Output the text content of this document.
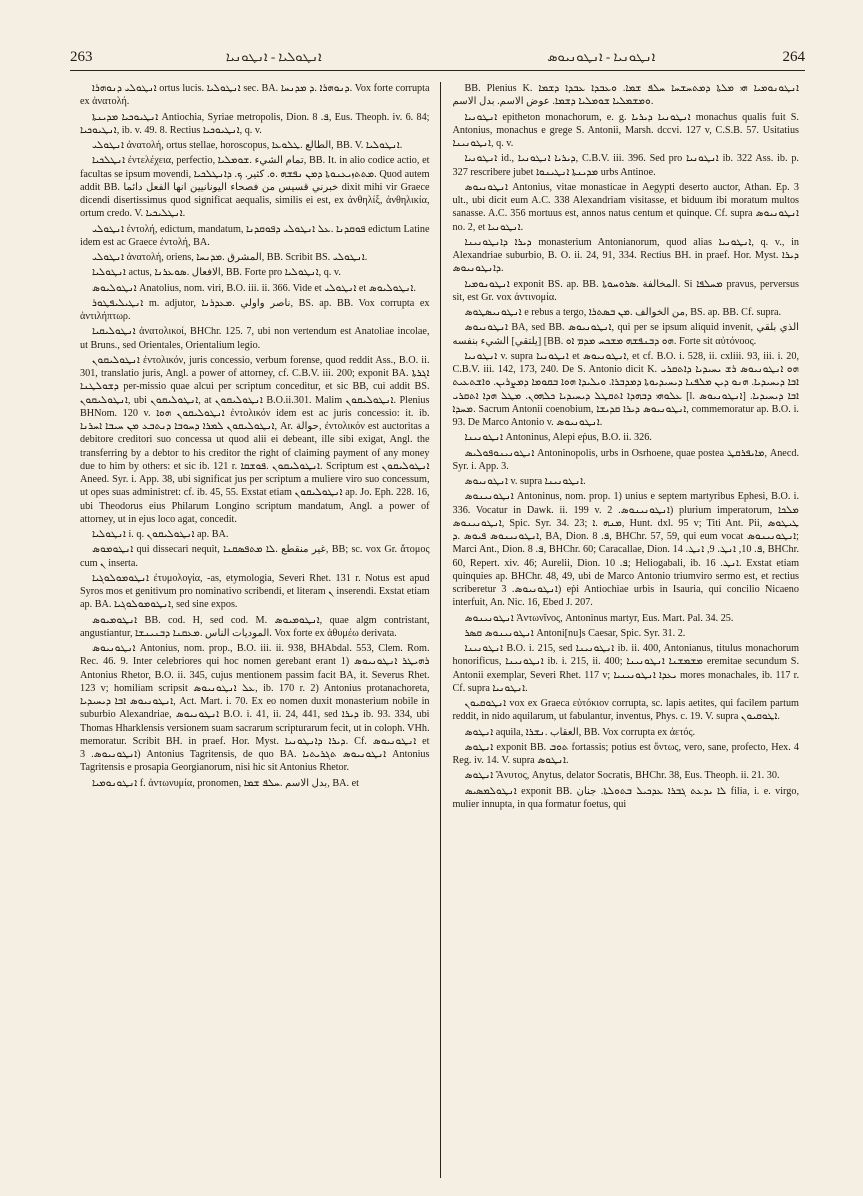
263	ܐܢܛܘܠܝܐ - ܐܢܛܘܢܝܐ	ܐܢܛܘܢܝܐ - ܐܢܛܘܢܝܘܣ	264

ܐܢܛܘܠܝ ܕܢܘܗܪܐ ortus lucis. ܐܢܛܘܠܝܐ sec. BA. ܕܢܘܗܪܐ .ܕ ܡܕܢܚܐ. Vox forte corrupta ex ἀνατολή.

ܐܢܛܝܘܟܝܐ ܡܕܝܢܬܐ Antiochia, Syriae metropolis, Dion. ܦ. 8, Eus. Theoph. iv. 6. 84; ܐܢܛܝܘܟܝܐ, ib. v. 49. 8. Rectius ܐܢܛܝܘܟܝܐ, q. v.

ܐܢܛܘܠܝ ἀνατολή, ortus stellae, horoscopus, الطالع .ܛܠܘܥܐ, BB. V. ܐܢܛܘܠܝܐ.

ܐܢܛܠܟܝܐ ἐντελέχεια, perfectio, تمام الشيء .ܫܘܡܠܝܐ, BB. It. in alio codice actio, et facultas se ipsum movendi, ܡܬܬܙܝܥܢܘܬܐ ܕܡܢ ܢܦܫܗ .ܘ. كثير. ܟ. ܕܐܢܛܠܟܝܐ. Quod autem addit BB. خبرني قسيس من فصحاء اليونانيين انها الفعل دائما dixit mihi vir Graece dicendi disertissimus quod significat aequalis, similis ei est, ex ἀνθηλίξ, ἀνθηλικία, ortum credo. V. ܐܢܛܠܝܟܝܐ.

ܐܢܛܘܠܝ ἐντολή, edictum, mandatum, ܦܘܩܕܢܐ .ܥܠ ܐܢܛܘܠܝ ܕܦܘܩܕܢܐ edictum Latine idem est ac Graece ἐντολή, BA.

ܐܢܛܘܠܝ ἀνατολή, oriens, المشرق .ܡܕܢܚܐ, BB. Scribit BS. ܐܢܛܘܠܝ.

ܐܢܛܘܠܝܐ actus, الافعال .ܣܘܥܪܢܐ, BB. Forte pro ܐܢܛܘܠܝܐ, q. v.

ܐܢܛܘܠܝܘܣ Anatolius, nom. viri, B.O. iii. ii. 366. Vide et ܐܢܛܘܠܝ et ܐܢܛܘܠܝܘܣ.

ܐܢܛܝܠܝܦܛܘܪ m. adjutor, ناصر واولي .ܡܥܕܪܢܐ, BS. ap. BB. Vox corrupta ex ἀντιλήπτωρ.

ܐܢܛܘܠܝܩܝܐ ἀνατολικοί, BHChr. 125. 7, ubi non vertendum est Anatoliae incolae, ut Bruns., sed Orientales, Orientalium legio.

ܐܢܛܘܠܝܩܘܢ ἐντολικόν, juris concessio, verbum forense, quod reddit Ass., B.O. ii. 301, translatio juris, Angl. a power of attorney, cf. C.B.V. iii. 200; exponit BA. ܐܓܪܬܐ ܕܫܘܠܛܢܐ per-missio quae alcui per scriptum conceditur, et sic BB, cui addit BS. ܐܢܛܘܠܝܩܘܢ, ubi ܐܢܛܘܠܝܩܘܢ, at ܐܢܛܘܠܝܩܘܢ B.O.ii.301. Malim ܐܢܛܘܠܝܩܘܢ. Plenius BHNom. 120 v. ܐܢܛܘܠܝܩܘܢ ܗܘܐ ἐντολικόν idem est ac juris concessio: it. ib. ܐܢܛܘܠܝܩܘܢ ܠܡܪܐ ܕܚܘܒܐ ܕܢܬܒܥ ܡܢ ܚܝܒܐ ܐܚܪܢܐ, Ar. حوالة, ἐντολικόν est auctoritas a debitore creditori suo concessa ut quod alii ei debeant, ille sibi exigat, Angl. the transferring by a debtor to his creditor the right of claiming payment of any money due to him by others: et sic ib. 121 r. ܐܢܛܘܠܝܩܘܢ .ܦܘܫܩܐ. Scriptum est ܐܢܛܘܠܝܩܘܢ Aneed. Syr. i. App. 38, ubi significat jus per scriptum a muliere viro suo concessum, ut opes suas administret: cf. ib. 45, 55. Exstat etiam ܐܢܛܘܠܝܩܘܢ ap. Jo. Eph. 228. 16, ubi Theodorus eius Philarum Longino scriptum mandatum, Angl. a power of attorney, ut in ejus loco agat, concedit.

ܐܢܛܘܠܝܐ i. q. ܐܢܛܘܠܝܩܘܢ ap. BA.

ܐܢܛܘܡܘܣ qui dissecari nequit, غير منقطع .ܠܐ ܡܬܦܣܩܢܐ, BB; sc. vox Gr. ἄτομος cum ܢ inserta.

ܐܢܛܘܡܘܠܘܓܝܐ ἐτυμολογία, -as, etymologia, Severi Rhet. 131 r. Notus est apud Syros mos et genitivum pro nominativo scribendi, et literam ܢ inserendi. Exstat etiam ap. BA. ܐܢܛܘܡܘܠܘܓܝܐ, sed sine expos.

ܐܢܛܘܡܝܘܣ BB. cod. H, sed cod. M. ܐܢܛܘܡܝܘܣ, quae algm contristant, angustiantur, الموديات الناس .ܡܥܩܢܐ ܕܒܢܝܢܫܐ. Vox forte ex ἀθυμέω derivata.

ܐܢܛܘܢܝܘܣ Antonius, nom. prop., B.O. iii. ii. 938, BHAbdal. 553, Clem. Rom. Rec. 46. 9. Inter celebriores qui hoc nomen gerebant erant 1) ܪܗܝܛܪ ܐܢܛܘܢܝܘܣ Antonius Rhetor, B.O. ii. 345, cujus mentionem passim facit BA, it. Severus Rhet. 123 v; homiliam scripsit ܥܠ ܐܢܛܘܢܝܘܣ, ib. 170 r. 2) Antonius protanachoreta, ܐܢܛܘܢܝܘܣ ܐܒܐ ܕܝܚܝܕܝܐ, Act. Mart. i. 70. Ex eo nomen duxit monasterium nobile in suburbio Alexandriae, ܐܢܛܘܢܝܘܣ B.O. i. 41, ii. 24, 441, sed ܕܝܪܐ ib. 93. 334, ubi Thomas Hharklensis versionem suam sacrarum scripturarum fecit, ut in coloph. VHh. memoratur. Scribit BH. in praef. Hor. Myst. ܕܝܪܐ ܕܐܢܛܘܢܝܐ. Cf. ܐܢܛܘܢܝܘܣ et ܐܢܛܘܢܝܘܣ. 3) Antonius Tagritensis, de quo BA. ܐܢܛܘܢܝܘܣ ܬܓܪܝܬܝܐ Antonius Tagritensis e prosapia Georgianorum, nisi hic sit Antonius Rhetor.

ܐܢܛܘܢܘܡܝܐ f. ἀντωνυμία, pronomen, بدل الاسم .ܚܠܦ ܫܡܐ, BA. et

BB. Plenius K. ܐܢܛܘܢܘܡܝܐ ܗܝ ܡܠܬܐ ܕܡܬܚܫܚܐ ܚܠܦ ܫܡܐ. ܘܥܒܕܐ ܥܒܕܐ ܕܫܡܐ ܘܡܫܡܠܝܐ ܫܘܡܠܝܐ ܕܫܡܐ. عوض الاسم. بدل الاسم.

ܐܢܛܘܢܝܐ epitheton monachorum, e. g. ܐܢܛܘܢܝܐ ܕܝܪܝܐ monachus qualis fuit S. Antonius, monachus e grege S. Antonii, Marsh. dccvi. 127 v, C.S.B. 57. Usitatius ܐܢܛܘܢܝܢܐ, q. v.

ܐܢܛܘܢܝܐ id., ܕܝܪܝܐ ܐܢܛܘܢܝܐ, C.B.V. iii. 396. Sed pro ܐܢܛܘܢܝܐ ib. 322 Ass. ib. p. 327 rescribere jubet ܡܕܝܢܬܐ ܐܢܛܝܢܘܐ urbs Antinoe.

ܐܢܛܘܢܝܘܣ Antonius, vitae monasticae in Aegypti deserto auctor, Athan. Ep. 3 ult., ubi dicit eum A.C. 338 Alexandriam visitasse, et biduum ibi moratum multos sanasse. A.C. 356 mortuus est, annos natus centum et quinque. Cf. supra ܐܢܛܘܢܝܘܣ no. 2, et ܐܢܛܘܢܝܐ.

ܕܝܪܐ ܕܐܢܛܘܢܝܢܐ monasterium Antonianorum, quod alias ܐܢܛܘܢܝܐ, q. v., in Alexandriae suburbio, B. O. ii. 24, 91, 334. Rectius BH. in praef. Hor. Myst. ܕܝܪܐ ܕܐܢܛܘܢܝܘܣ.

ܐܢܛܘܢܘܡܝܐ exponit BS. ap. BB. المخالفة .ܣܪܘܚܘܬܐ. Si ܡܚܠܦܐ pravus, perversus sit, est Gr. vox ἀντινομία.

ܐܢܛܘܢܝܣܛܘܣ e rebus a tergo, من الخوالف .ܡܢ ܒܣܬܪܐ, BS. ap. BB. Cf. supra.

ܐܢܛܘܢܝܘܣ BA, sed BB. ܐܢܛܘܢܝܘܣ, qui per se ipsum aliquid invenit, الذي بلقي [يلتقي] الشيء بنفسه [BB. ܗܘ ܕܒܢܦܫܗ ܡܫܟܚ ܡܕܡ ܐܘ. Forte sit αὐτόνοος.

ܐܢܛܘܢܝܐ v. supra ܐܢܛܘܢܝܐ et ܐܢܛܘܢܝܘܣ, et cf. B.O. i. 528, ii. cxliii. 93, iii. i. 20, C.B.V. iii. 142, 173, 240. De S. Antonio dicit K. ܗܘ ܐܢܛܘܢܝܘܣ ܪܫ ܝܚܝܕܝܐ ܕܐܬܩܪܝ ܐܒܐ ܕܝܚܝܕܝܐ. ܗܢܘ ܕܝܢ ܡܠܦܢܐ ܕܝܚܝܕܝܘܬܐ ܕܡܕܒܪܐ. ܘܝܠܝܕܐ ܗܘܐ ܒܩܘܡܐ ܕܡܨܪܝܢ. ܘܐܫܬܥܝܬ ܥܠܘܗܝ ܕܒܗܕܐ ܐܬܩܛܠ ܕܝܚܝܕܝܐ ܟܠܗܘܢ. ܡܛܠ ܗܕܐ ܐܬܩܪܝ [l. ܐܢܛܘܢܝܘܣ] ܐܒܐ ܕܝܚܝܕܝܐ. ܡܚܕܐ. Sacrum Antonii coenobium, ܐܢܛܘܢܝܘܣ ܕܝܪܐ ܩܕܝܫܐ, commemoratur ap. B.O. i. 93. De Marco Antonio v. ܐܢܛܘܢܝܘܣ.

ܐܢܛܘܢܝܢܐ Antoninus, Alepi eṗus, B.O. ii. 326.

ܐܢܛܘܢܝܢܘܦܘܠܝܣ Antoninopolis, urbs in Osrhoene, quae postea ܡܐܝܦܪܩܛ, Anecd. Syr. i. App. 3.

ܐܢܛܘܢܝܘܣ v. supra ܐܢܛܘܢܝܢܐ.

ܐܢܛܘܢܝܢܘܣ Antoninus, nom. prop. 1) unius e septem martyribus Ephesi, B.O. i. 336. Vocatur in Dawk. ii. 199 v. ܐܢܛܘܢܝܢܘܣ. 2) plurium imperatorum, ܡܠܟܐ ܐܢܛܘܢܝܢܘܣ, Spic. Syr. 34. 23; ܡܢܗ .ܐ, Hunt. dxl. 95 v; Titi Ant. Pii, ܛܝܛܘܣ ܐܢܛܘܢܝܢܘܣ ܦܝܘܣ .ܕ, BA, Dion. ܦ. 8, BHChr. 57, 59, qui eum vocat ܐܢܛܘܢܝܢܘܣ; Marci Ant., Dion. ܦ. 8, BHChr. 60; Caracallae, Dion. ܦ. 10, ܐܢܛ. 9, ܐܢܛ. 14, BHChr. 60, Repert. xiv. 46; Aurelii, Dion. ܦ. 10; Heliogabali, ib. ܐܢܛ. 16. Exstat etiam quinquies ap. BHChr. 48, 49, ubi de Marco Antonio triumviro sermo est, et rectius scriberetur ܐܢܛܘܢܝܘܣ. 3) eṗi Antiochiae urbis in Isauria, qui concilio Nicaeno interfuit, An. Nic. 16, Ebed J. 207.

ܐܢܛܘܢܝܢܘܣ Ἀντωνῖνος, Antoninus martyr, Eus. Mart. Pal. 34. 25.

ܐܢܛܘܢܝܢܘܣ ܩܣܪ Antoni[nu]s Caesar, Spic. Syr. 31. 2.

ܐܢܛܘܢܝܢܐ B.O. i. 215, sed ܐܢܛܘܢܝܢܐ ib. ii. 400, Antonianus, titulus monachorum honorificus, ܐܢܛܘܢܝܢܐ ib. i. 215, ii. 400; ܡܫܡܫܢܐ ܐܢܛܘܢܝܢܐ eremitae secundum S. Antonii exemplar, Severi Rhet. 117 v; ܝܥܕܐ ܐܢܛܘܢܝܢܝܐ mores monachales, ib. 117 r. Cf. supra ܐܢܛܘܢܝܐ.

ܐܢܛܘܩܝܘܢ vox ex Graeca εὐτόκιον corrupta, sc. lapis aetites, qui facilem partum reddit, in nido aquilarum, ut fabulantur, inventus, Phys. c. 19. V. supra ܐܛܘܩܝܘܢ.

ܐܢܛܘܣ aquila, العقاب .ܢܫܪܐ, BB. Vox corrupta ex ἀετός.

ܐܢܛܘܣ exponit BB. ܬܘܒ fortassis; potius est ὄντως, vero, sane, profecto, Hex. 4 Reg. iv. 14. V. supra ܐܢܛܘܣ.

ܐܢܛܘܣ Ἄνυτος, Anytus, delator Socratis, BHChr. 38, Eus. Theoph. ii. 21. 30.

ܐܢܛܘܠܡܣܝܣ exponit BB. ܠܐ ܝܕܥܬ ܓܒܪܐ ܥܕܟܝܠ ܒܬܘܠܬܐ. جنان filia, i. e. virgo, mulier innupta, in qua formatur foetus, qui
